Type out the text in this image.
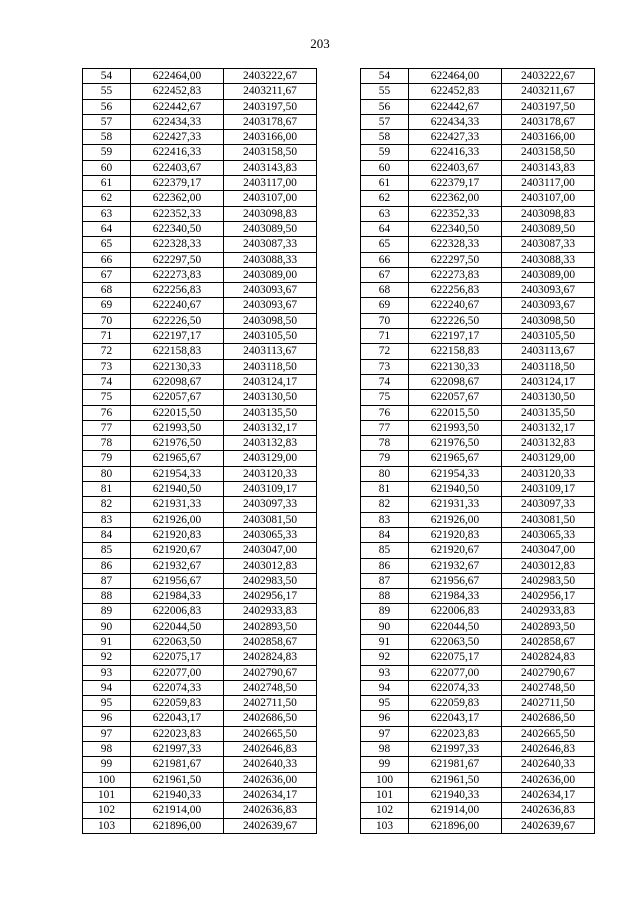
203
54	622464,00	2403222,67		54	622464,00	2403222,67
55	622452,83	2403211,67		55	622452,83	2403211,67
56	622442,67	2403197,50		56	622442,67	2403197,50
57	622434,33	2403178,67		57	622434,33	2403178,67
58	622427,33	2403166,00		58	622427,33	2403166,00
59	622416,33	2403158,50		59	622416,33	2403158,50
60	622403,67	2403143,83		60	622403,67	2403143,83
61	622379,17	2403117,00		61	622379,17	2403117,00
62	622362,00	2403107,00		62	622362,00	2403107,00
63	622352,33	2403098,83		63	622352,33	2403098,83
64	622340,50	2403089,50		64	622340,50	2403089,50
65	622328,33	2403087,33		65	622328,33	2403087,33
66	622297,50	2403088,33		66	622297,50	2403088,33
67	622273,83	2403089,00		67	622273,83	2403089,00
68	622256,83	2403093,67		68	622256,83	2403093,67
69	622240,67	2403093,67		69	622240,67	2403093,67
70	622226,50	2403098,50		70	622226,50	2403098,50
71	622197,17	2403105,50		71	622197,17	2403105,50
72	622158,83	2403113,67		72	622158,83	2403113,67
73	622130,33	2403118,50		73	622130,33	2403118,50
74	622098,67	2403124,17		74	622098,67	2403124,17
75	622057,67	2403130,50		75	622057,67	2403130,50
76	622015,50	2403135,50		76	622015,50	2403135,50
77	621993,50	2403132,17		77	621993,50	2403132,17
78	621976,50	2403132,83		78	621976,50	2403132,83
79	621965,67	2403129,00		79	621965,67	2403129,00
80	621954,33	2403120,33		80	621954,33	2403120,33
81	621940,50	2403109,17		81	621940,50	2403109,17
82	621931,33	2403097,33		82	621931,33	2403097,33
83	621926,00	2403081,50		83	621926,00	2403081,50
84	621920,83	2403065,33		84	621920,83	2403065,33
85	621920,67	2403047,00		85	621920,67	2403047,00
86	621932,67	2403012,83		86	621932,67	2403012,83
87	621956,67	2402983,50		87	621956,67	2402983,50
88	621984,33	2402956,17		88	621984,33	2402956,17
89	622006,83	2402933,83		89	622006,83	2402933,83
90	622044,50	2402893,50		90	622044,50	2402893,50
91	622063,50	2402858,67		91	622063,50	2402858,67
92	622075,17	2402824,83		92	622075,17	2402824,83
93	622077,00	2402790,67		93	622077,00	2402790,67
94	622074,33	2402748,50		94	622074,33	2402748,50
95	622059,83	2402711,50		95	622059,83	2402711,50
96	622043,17	2402686,50		96	622043,17	2402686,50
97	622023,83	2402665,50		97	622023,83	2402665,50
98	621997,33	2402646,83		98	621997,33	2402646,83
99	621981,67	2402640,33		99	621981,67	2402640,33
100	621961,50	2402636,00		100	621961,50	2402636,00
101	621940,33	2402634,17		101	621940,33	2402634,17
102	621914,00	2402636,83		102	621914,00	2402636,83
103	621896,00	2402639,67		103	621896,00	2402639,67
